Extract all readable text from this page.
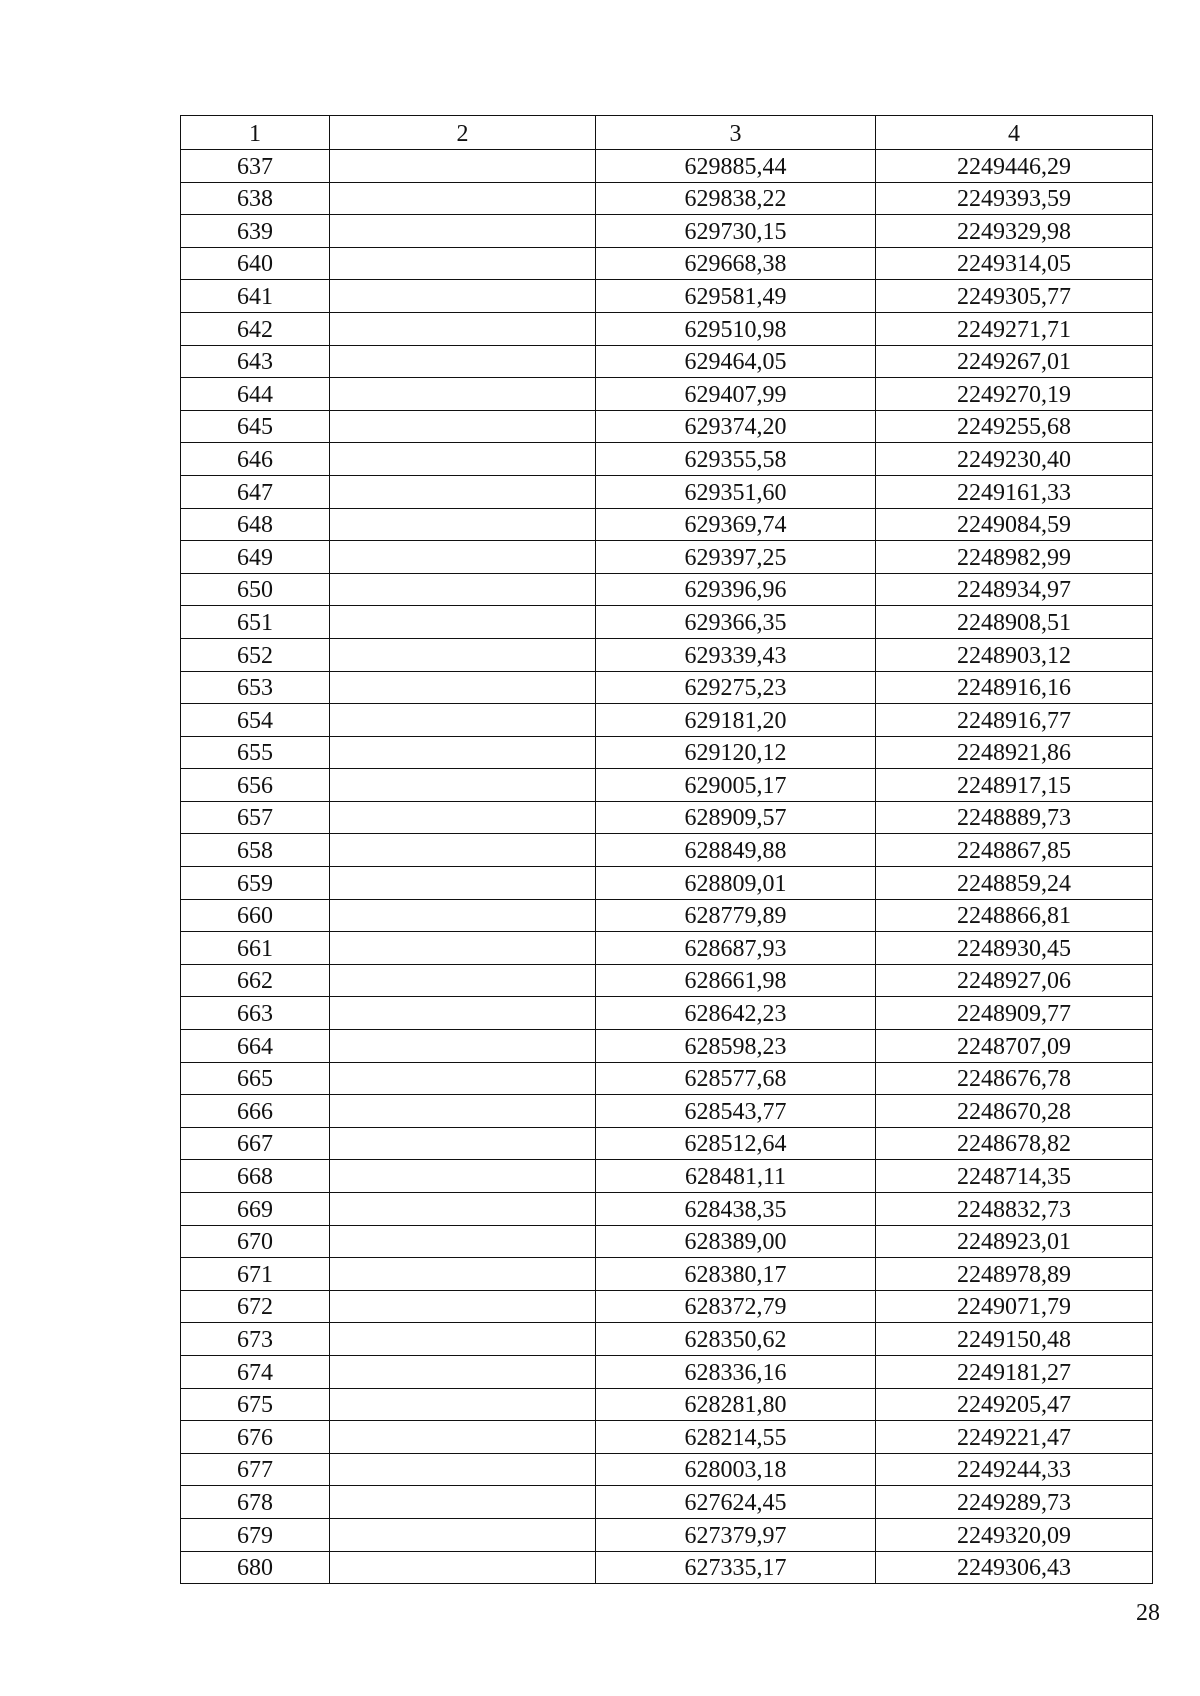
1	2	3	4
637		629885,44	2249446,29
638		629838,22	2249393,59
639		629730,15	2249329,98
640		629668,38	2249314,05
641		629581,49	2249305,77
642		629510,98	2249271,71
643		629464,05	2249267,01
644		629407,99	2249270,19
645		629374,20	2249255,68
646		629355,58	2249230,40
647		629351,60	2249161,33
648		629369,74	2249084,59
649		629397,25	2248982,99
650		629396,96	2248934,97
651		629366,35	2248908,51
652		629339,43	2248903,12
653		629275,23	2248916,16
654		629181,20	2248916,77
655		629120,12	2248921,86
656		629005,17	2248917,15
657		628909,57	2248889,73
658		628849,88	2248867,85
659		628809,01	2248859,24
660		628779,89	2248866,81
661		628687,93	2248930,45
662		628661,98	2248927,06
663		628642,23	2248909,77
664		628598,23	2248707,09
665		628577,68	2248676,78
666		628543,77	2248670,28
667		628512,64	2248678,82
668		628481,11	2248714,35
669		628438,35	2248832,73
670		628389,00	2248923,01
671		628380,17	2248978,89
672		628372,79	2249071,79
673		628350,62	2249150,48
674		628336,16	2249181,27
675		628281,80	2249205,47
676		628214,55	2249221,47
677		628003,18	2249244,33
678		627624,45	2249289,73
679		627379,97	2249320,09
680		627335,17	2249306,43
28
